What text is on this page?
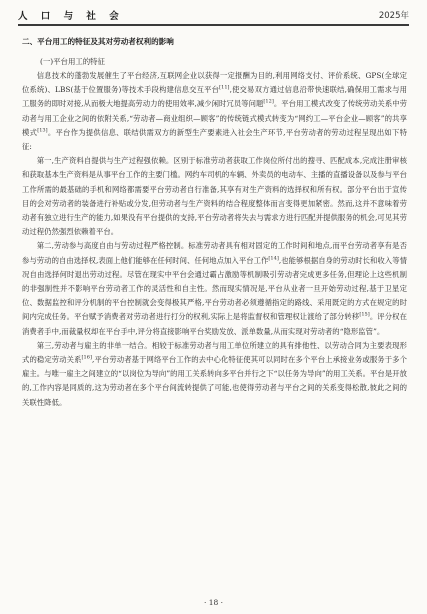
人 口 与 社 会	2025年
二、平台用工的特征及其对劳动者权利的影响
(一)平台用工的特征

信息技术的蓬勃发展催生了平台经济,互联网企业以获得一定报酬为目的,利用网络支付、评价系统、GPS(全球定位系统)、LBS(基于位置服务)等技术手段构建信息交互平台[11],使交易双方通过信息沿带快速联结,确保用工需求与用工服务的即时对接,从而极大地提高劳动力的使用效率,减少闲时冗员等问题[12]。平台用工模式改变了传统劳动关系中劳动者与用工企业之间的依附关系,“劳动者—商业组织—顾客”的传统链式模式转变为“网约工—平台企业—顾客”的共享模式[13]。平台作为提供信息、联结供需双方的新型生产要素进入社会生产环节,平台劳动者的劳动过程呈现出如下特征:

第一,生产资料自提供与生产过程强依赖。区别于标准劳动者获取工作岗位所付出的搜寻、匹配成本,完成注册审核和获取基本生产资料是从事平台工作的主要门槛。网约车司机的车辆、外卖员的电动车、主播的直播设备以及参与平台工作所需的最基础的手机和网络都需要平台劳动者自行准备,其享有对生产资料的选择权和所有权。部分平台出于宣传目的会对劳动者的装备进行补贴或分发,但劳动者与生产资料的结合程度整体而言变得更加紧密。然而,这并不意味着劳动者有独立进行生产的能力,如果没有平台提供的支持,平台劳动者将失去与需求方进行匹配并提供服务的机会,可见其劳动过程仍然强烈依赖着平台。

第二,劳动参与高度自由与劳动过程严格控制。标准劳动者具有相对固定的工作时间和地点,而平台劳动者享有是否参与劳动的自由选择权,表面上他们能够在任何时间、任何地点加入平台工作[14],也能够根据自身的劳动时长和收入等情况自由选择何时退出劳动过程。尽管在现实中平台会通过霸占激励等机制吸引劳动者完成更多任务,但理论上这些机制的非强制性并不影响平台劳动者工作的灵活性和自主性。然而现实情况是,平台从业者一旦开始劳动过程,基于卫星定位、数据监控和评分机制的平台控制就会变得极其严格,平台劳动者必须遵循指定的路线、采用既定的方式在规定的时间内完成任务。平台赋予消费者对劳动者进行打分的权利,实际上是将监督权和管理权让渡给了部分转移[15]。评分权在消费者手中,而裁量权却在平台手中,评分将直接影响平台奖励发放、派单数量,从而实现对劳动者的“隐形监管”。

第三,劳动者与雇主的非单一结合。相较于标准劳动者与用工单位所建立的具有排他性、以劳动合同为主要表现形式的稳定劳动关系[16],平台劳动者基于网络平台工作的去中心化特征使其可以同时在多个平台上承接业务或服务于多个雇主。与唯一雇主之间建立的“以岗位为导向”的用工关系转向多平台并行之下“以任务为导向”的用工关系。平台是开放的,工作内容是同质的,这为劳动者在多个平台间流转提供了可能,也使得劳动者与平台之间的关系变得松散,彼此之间的关联性降低。

· 18 ·
